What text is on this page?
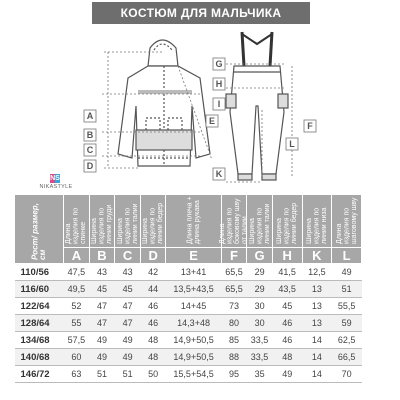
КОСТЮМ ДЛЯ МАЛЬЧИКА
A
B
C
D
E
G
H
I
K
L
F
NS
NIKASTYLE
Рост/ размер, см	Длина изделия по спинке	Ширина изделия по линии груди	Ширина изделия по линии талии	Ширина изделия по линии бедер	Длина плеча + длина рукава	Длина изделия по боковому шву от талии	Ширина изделия по линии талии	Ширина изделия по линии бедер	Ширина изделия по линии низа	Длина изделия по шаговому шву

	A	B	C	D	E	F	G	H	K	L
110/56	47,5	43	43	42	13+41	65,5	29	41,5	12,5	49
116/60	49,5	45	45	44	13,5+43,5	65,5	29	43,5	13	51
122/64	52	47	47	46	14+45	73	30	45	13	55,5
128/64	55	47	47	46	14,3+48	80	30	46	13	59
134/68	57,5	49	49	48	14,9+50,5	85	33,5	46	14	62,5
140/68	60	49	49	48	14,9+50,5	88	33,5	48	14	66,5
146/72	63	51	51	50	15,5+54,5	95	35	49	14	70
